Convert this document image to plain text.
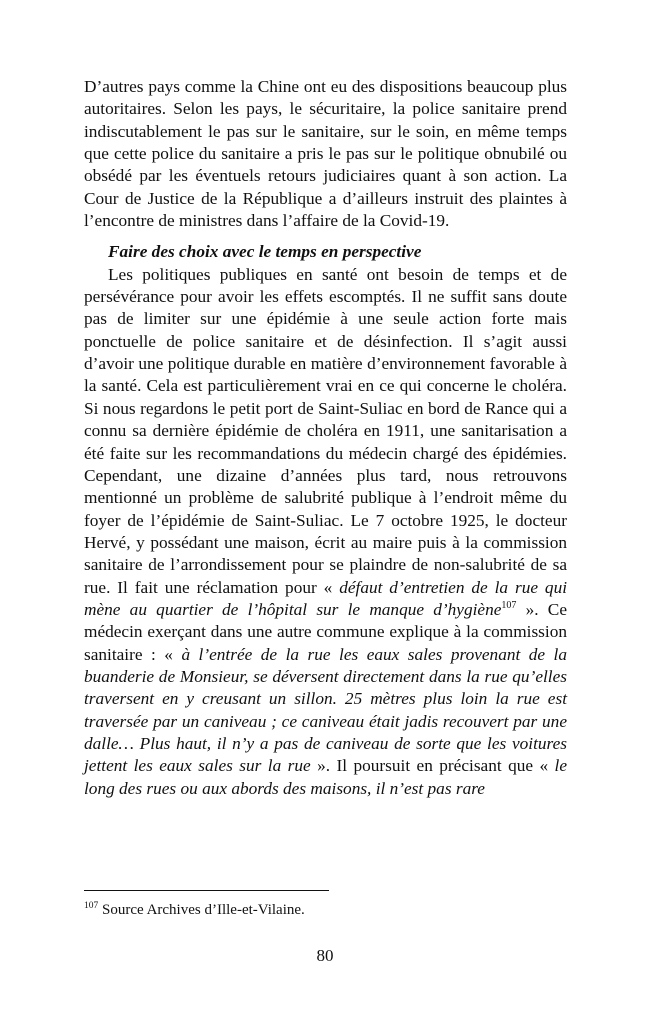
D’autres pays comme la Chine ont eu des dispositions beaucoup plus autoritaires. Selon les pays, le sécuritaire, la police sanitaire prend indiscutablement le pas sur le sanitaire, sur le soin, en même temps que cette police du sanitaire a pris le pas sur le politique obnubilé ou obsédé par les éventuels retours judiciaires quant à son action. La Cour de Justice de la République a d’ailleurs instruit des plaintes à l’encontre de ministres dans l’affaire de la Covid-19.

Faire des choix avec le temps en perspective

Les politiques publiques en santé ont besoin de temps et de persévérance pour avoir les effets escomptés. Il ne suffit sans doute pas de limiter sur une épidémie à une seule action forte mais ponctuelle de police sanitaire et de désinfection. Il s’agit aussi d’avoir une politique durable en matière d’environnement favorable à la santé. Cela est particulièrement vrai en ce qui concerne le choléra. Si nous regardons le petit port de Saint-Suliac en bord de Rance qui a connu sa dernière épidémie de choléra en 1911, une sanitarisation a été faite sur les recommandations du médecin chargé des épidémies. Cependant, une dizaine d’années plus tard, nous retrouvons mentionné un problème de salubrité publique à l’endroit même du foyer de l’épidémie de Saint-Suliac. Le 7 octobre 1925, le docteur Hervé, y possédant une maison, écrit au maire puis à la commission sanitaire de l’arrondissement pour se plaindre de non-salubrité de sa rue. Il fait une réclamation pour « défaut d’entretien de la rue qui mène au quartier de l’hôpital sur le manque d’hygiène$^{107}$ ». Ce médecin exerçant dans une autre commune explique à la commission sanitaire : « à l’entrée de la rue les eaux sales provenant de la buanderie de Monsieur, se déversent directement dans la rue qu’elles traversent en y creusant un sillon. 25 mètres plus loin la rue est traversée par un caniveau ; ce caniveau était jadis recouvert par une dalle… Plus haut, il n’y a pas de caniveau de sorte que les voitures jettent les eaux sales sur la rue ». Il poursuit en précisant que « le long des rues ou aux abords des maisons, il n’est pas rare

$^{107}$ Source Archives d’Ille-et-Vilaine.
80
